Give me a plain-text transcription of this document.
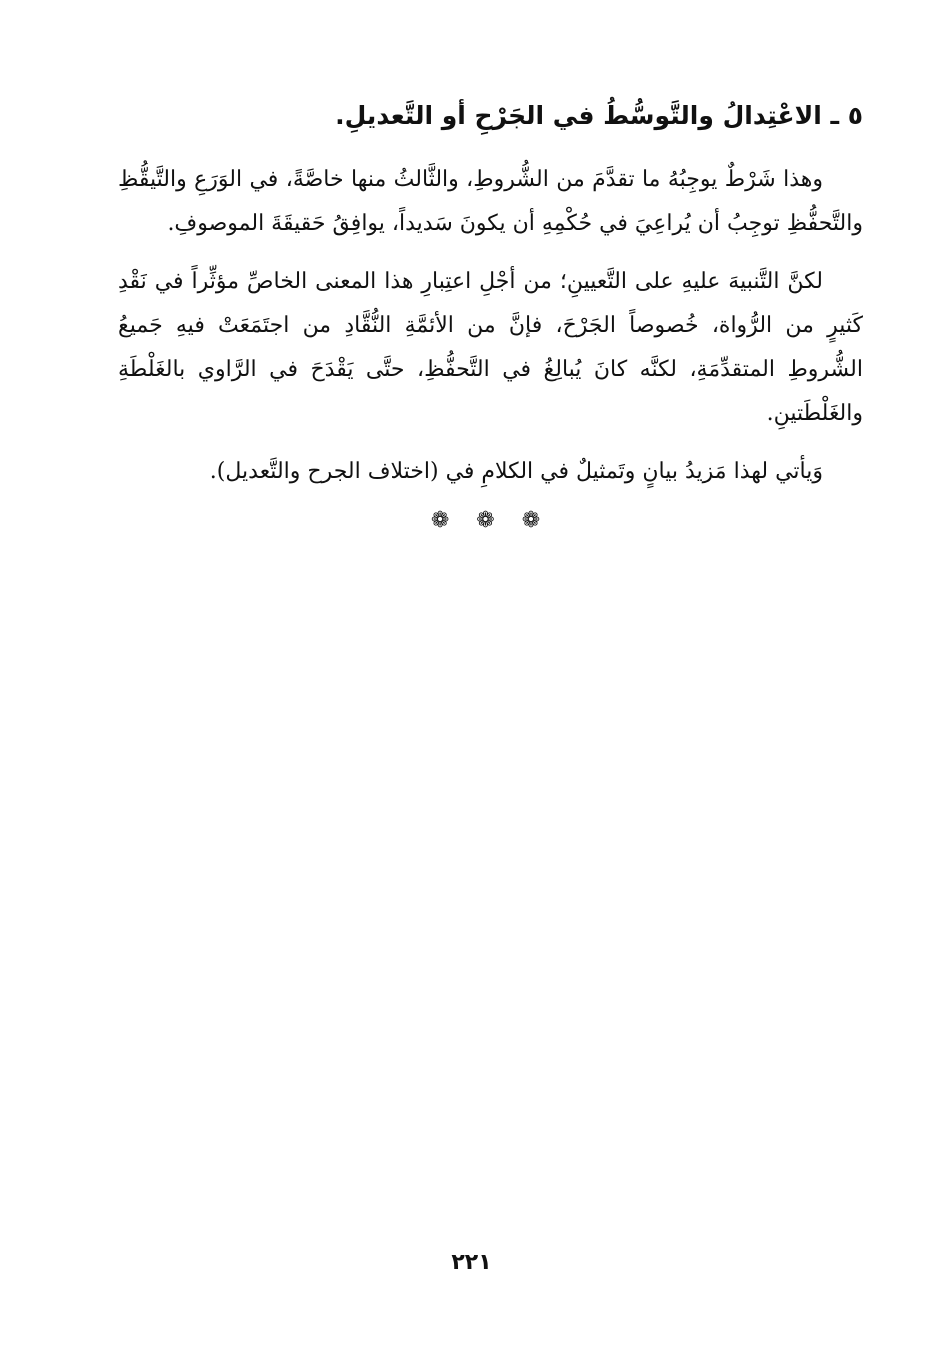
٥ ـ الاعْتِدالُ والتَّوسُّطُ في الجَرْحِ أو التَّعديلِ.

وهذا شَرْطٌ يوجِبُهُ ما تقدَّمَ من الشُّروطِ، والثَّالثُ منها خاصَّةً، في الوَرَعِ والتَّيقُّظِ والتَّحفُّظِ توجِبُ أن يُراعِيَ في حُكْمِهِ أن يكونَ سَديداً، يوافِقُ حَقيقَةَ الموصوفِ.

لكنَّ التَّنبيهَ عليهِ على التَّعيينِ؛ من أجْلِ اعتِبارِ هذا المعنى الخاصِّ مؤثِّراً في نَقْدِ كَثيرٍ من الرُّواة، خُصوصاً الجَرْحَ، فإنَّ من الأئمَّةِ النُّقَّادِ من اجتَمَعَتْ فيهِ جَميعُ الشُّروطِ المتقدِّمَةِ، لكنَّه كانَ يُبالِغُ في التَّحفُّظِ، حتَّى يَقْدَحَ في الرَّاوي بالغَلْطَةِ والغَلْطَتينِ.

وَيأتي لهذا مَزيدُ بيانٍ وتَمثيلٌ في الكلامِ في (اختلاف الجرح والتَّعديل).

❁ ❁ ❁
٢٢١
